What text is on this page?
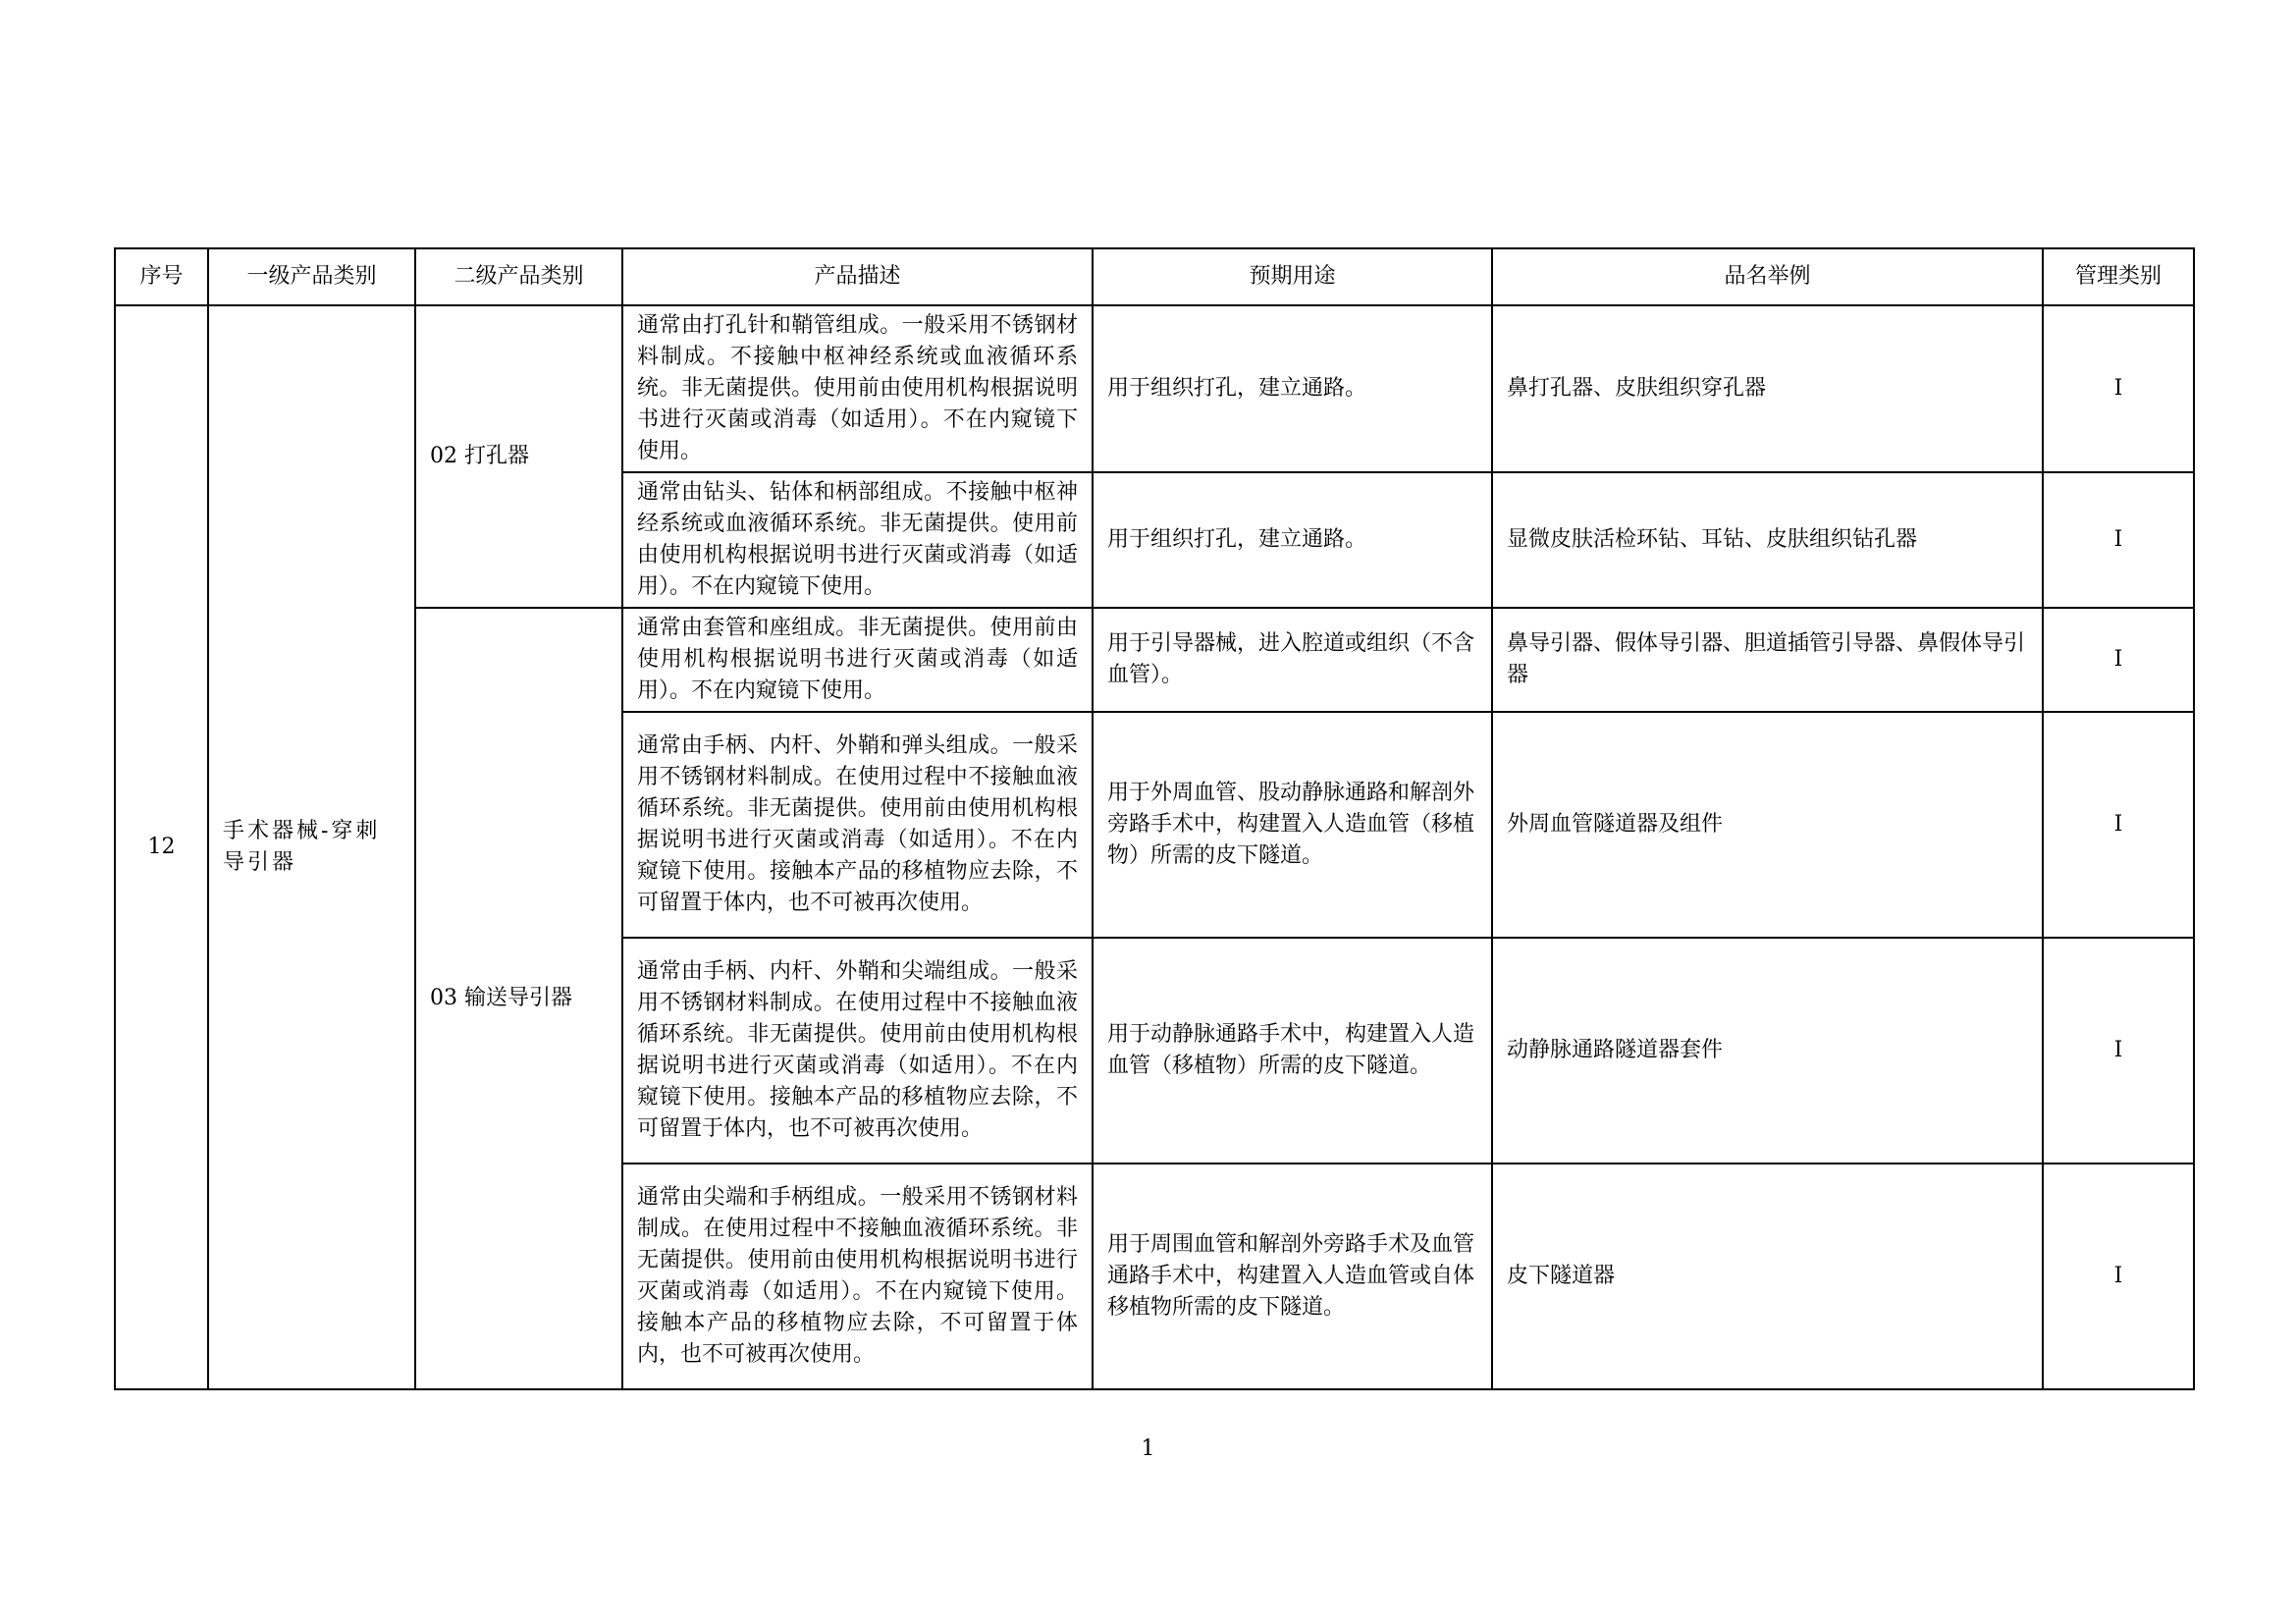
序号	一级产品类别	二级产品类别	产品描述	预期用途	品名举例	管理类别
12	手术器械-穿刺导引器	02 打孔器	通常由打孔针和鞘管组成。一般采用不锈钢材料制成。不接触中枢神经系统或血液循环系统。非无菌提供。使用前由使用机构根据说明书进行灭菌或消毒（如适用）。不在内窥镜下使用。	用于组织打孔，建立通路。	鼻打孔器、皮肤组织穿孔器	I
			通常由钻头、钻体和柄部组成。不接触中枢神经系统或血液循环系统。非无菌提供。使用前由使用机构根据说明书进行灭菌或消毒（如适用）。不在内窥镜下使用。	用于组织打孔，建立通路。	显微皮肤活检环钻、耳钻、皮肤组织钻孔器	I
		03 输送导引器	通常由套管和座组成。非无菌提供。使用前由使用机构根据说明书进行灭菌或消毒（如适用）。不在内窥镜下使用。	用于引导器械，进入腔道或组织（不含血管）。	鼻导引器、假体导引器、胆道插管引导器、鼻假体导引器	I
			通常由手柄、内杆、外鞘和弹头组成。一般采用不锈钢材料制成。在使用过程中不接触血液循环系统。非无菌提供。使用前由使用机构根据说明书进行灭菌或消毒（如适用）。不在内窥镜下使用。接触本产品的移植物应去除，不可留置于体内，也不可被再次使用。	用于外周血管、股动静脉通路和解剖外旁路手术中，构建置入人造血管（移植物）所需的皮下隧道。	外周血管隧道器及组件	I
			通常由手柄、内杆、外鞘和尖端组成。一般采用不锈钢材料制成。在使用过程中不接触血液循环系统。非无菌提供。使用前由使用机构根据说明书进行灭菌或消毒（如适用）。不在内窥镜下使用。接触本产品的移植物应去除，不可留置于体内，也不可被再次使用。	用于动静脉通路手术中，构建置入人造血管（移植物）所需的皮下隧道。	动静脉通路隧道器套件	I
			通常由尖端和手柄组成。一般采用不锈钢材料制成。在使用过程中不接触血液循环系统。非无菌提供。使用前由使用机构根据说明书进行灭菌或消毒（如适用）。不在内窥镜下使用。接触本产品的移植物应去除，不可留置于体内，也不可被再次使用。	用于周围血管和解剖外旁路手术及血管通路手术中，构建置入人造血管或自体移植物所需的皮下隧道。	皮下隧道器	I
1
